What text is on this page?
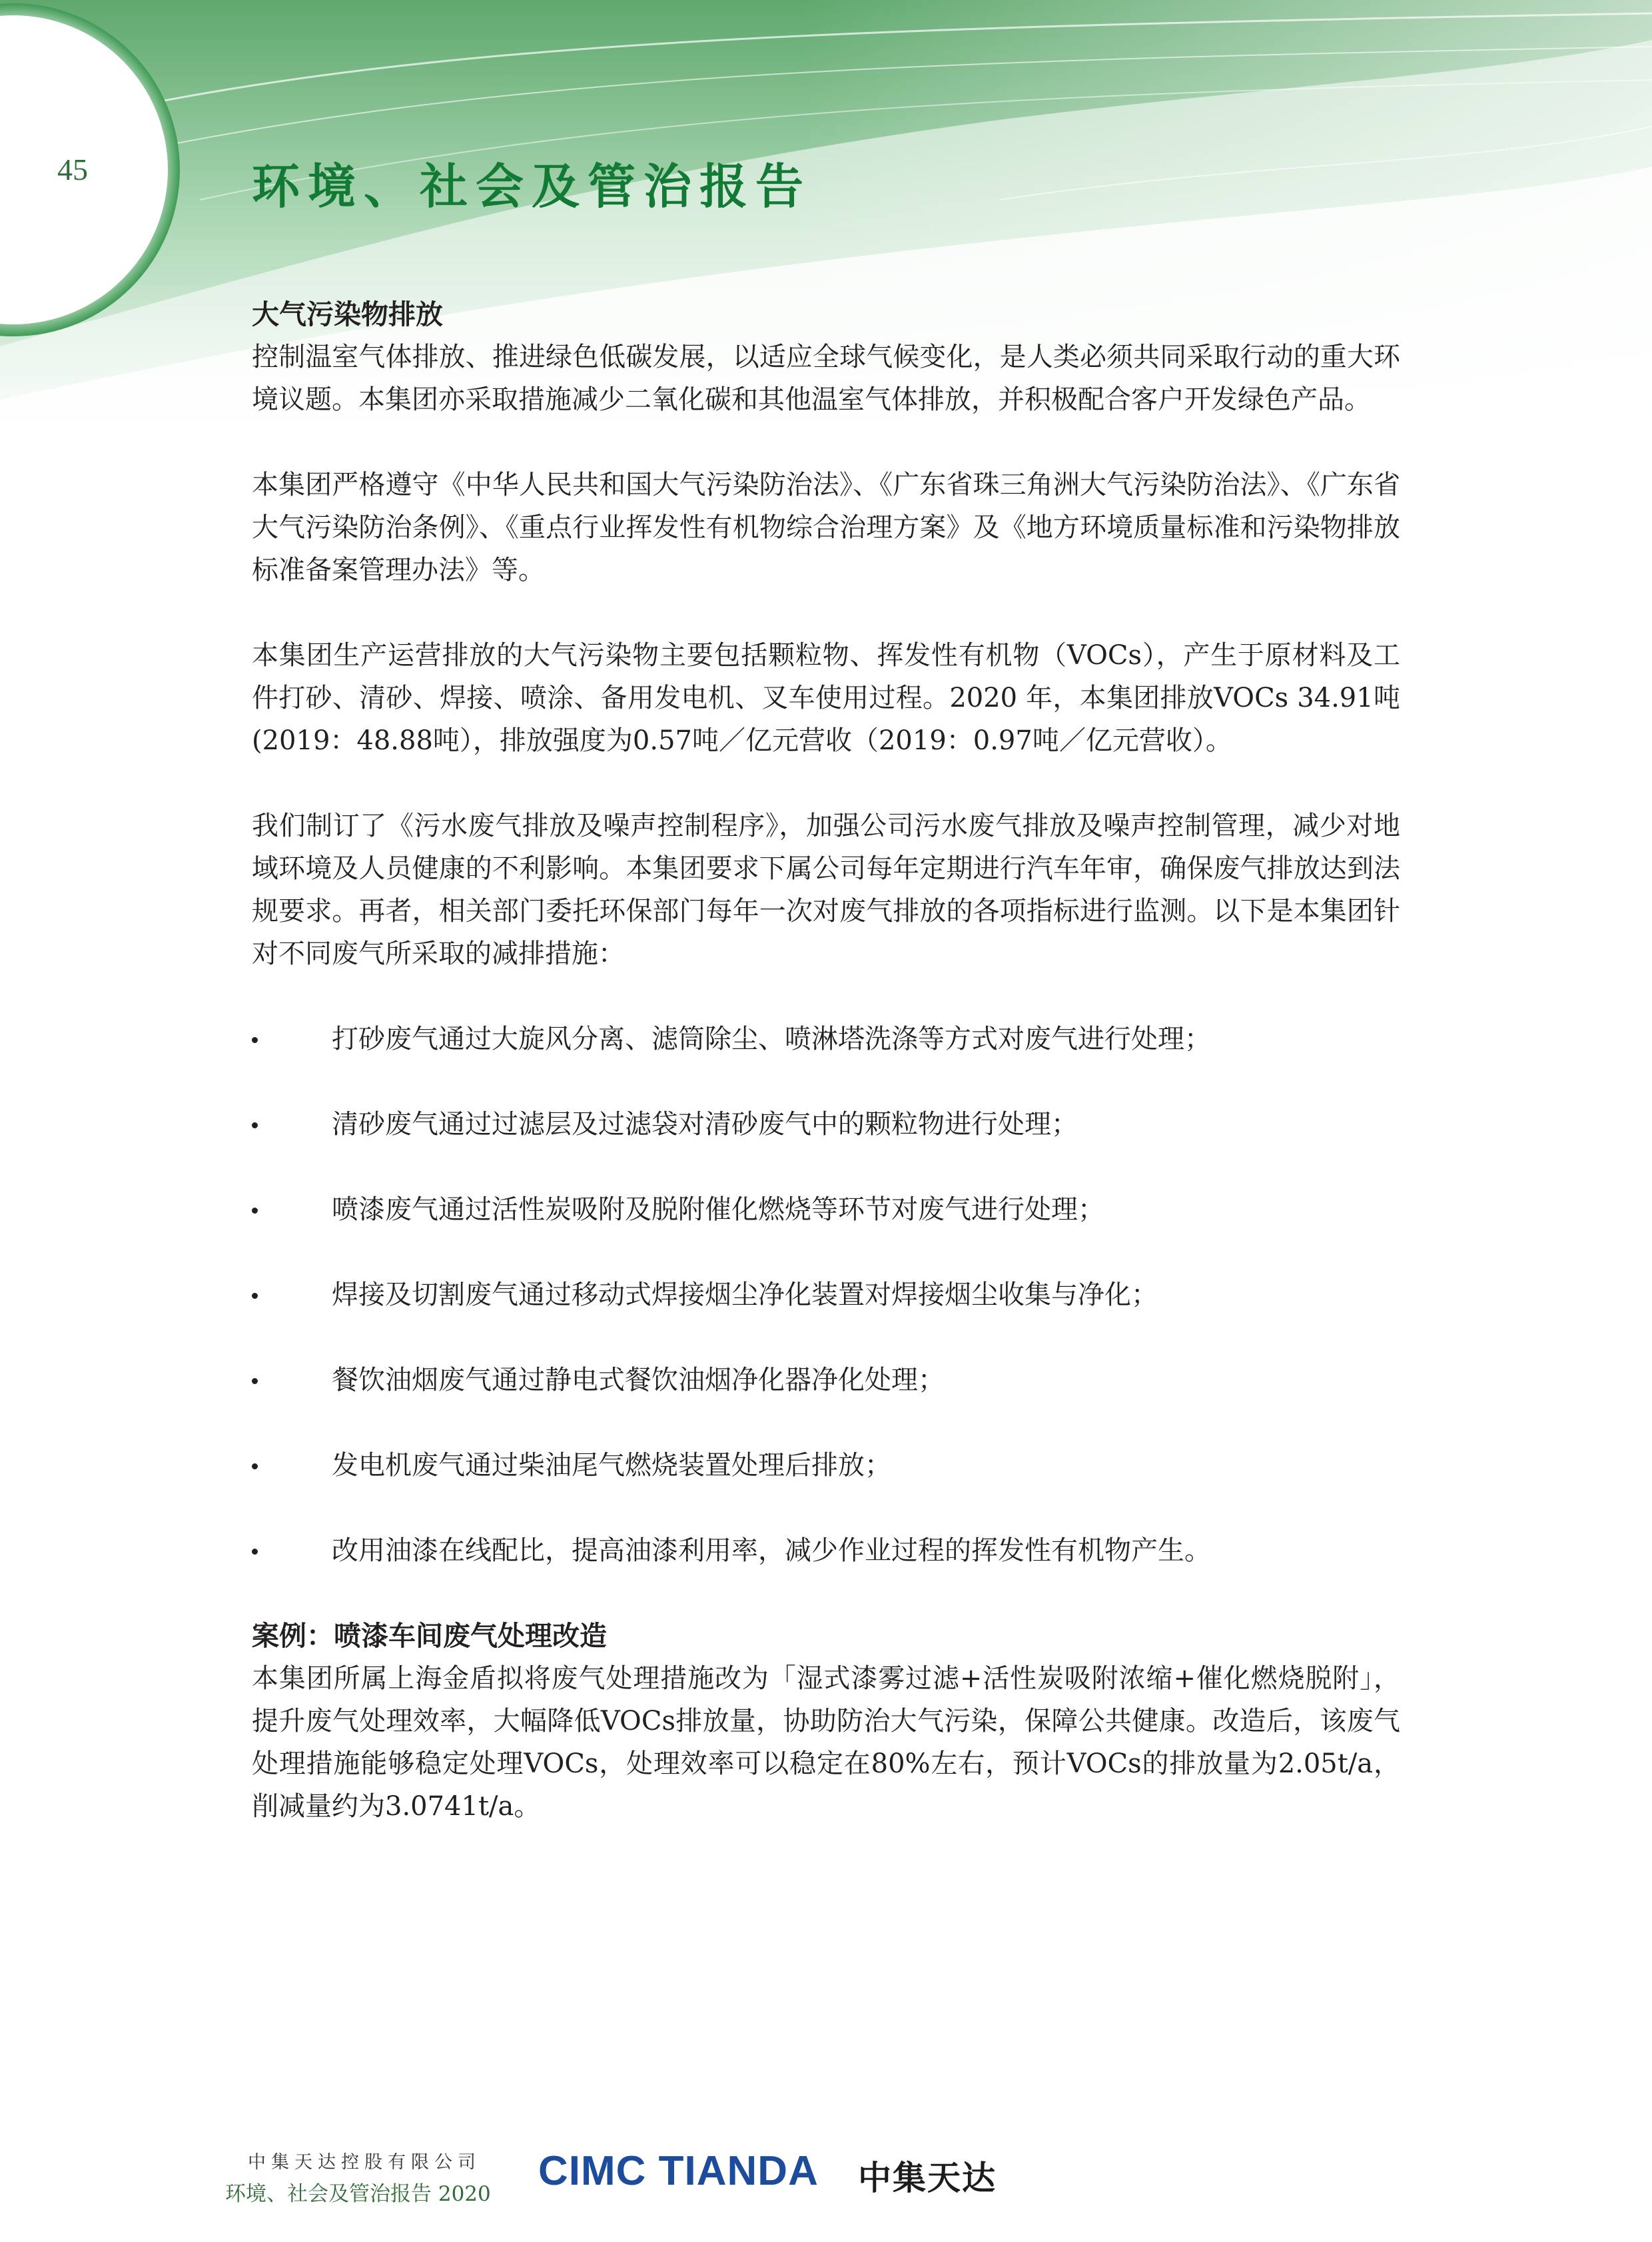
45	环境、社会及管治报告
大气污染物排放

控制温室气体排放、推进绿色低碳发展，以适应全球气候变化，是人类必须共同采取行动的重大环境议题。本集团亦采取措施减少二氧化碳和其他温室气体排放，并积极配合客户开发绿色产品。

本集团严格遵守《中华人民共和国大气污染防治法》、《广东省珠三角洲大气污染防治法》、《广东省大气污染防治条例》、《重点行业挥发性有机物综合治理方案》及《地方环境质量标准和污染物排放标准备案管理办法》等。

本集团生产运营排放的大气污染物主要包括颗粒物、挥发性有机物（VOCs），产生于原材料及工件打砂、清砂、焊接、喷涂、备用发电机、叉车使用过程。2020 年，本集团排放VOCs 34.91吨(2019：48.88吨），排放强度为0.57吨／亿元营收（2019：0.97吨／亿元营收）。

我们制订了《污水废气排放及噪声控制程序》，加强公司污水废气排放及噪声控制管理，减少对地域环境及人员健康的不利影响。本集团要求下属公司每年定期进行汽车年审，确保废气排放达到法规要求。再者，相关部门委托环保部门每年一次对废气排放的各项指标进行监测。以下是本集团针对不同废气所采取的减排措施：

打砂废气通过大旋风分离、滤筒除尘、喷淋塔洗涤等方式对废气进行处理；
清砂废气通过过滤层及过滤袋对清砂废气中的颗粒物进行处理；
喷漆废气通过活性炭吸附及脱附催化燃烧等环节对废气进行处理；
焊接及切割废气通过移动式焊接烟尘净化装置对焊接烟尘收集与净化；
餐饮油烟废气通过静电式餐饮油烟净化器净化处理；
发电机废气通过柴油尾气燃烧装置处理后排放；
改用油漆在线配比，提高油漆利用率，减少作业过程的挥发性有机物产生。
案例：喷漆车间废气处理改造

本集团所属上海金盾拟将废气处理措施改为「湿式漆雾过滤+活性炭吸附浓缩+催化燃烧脱附」，提升废气处理效率，大幅降低VOCs排放量，协助防治大气污染，保障公共健康。改造后，该废气处理措施能够稳定处理VOCs，处理效率可以稳定在80%左右，预计VOCs的排放量为2.05t/a，削减量约为3.0741t/a。

中集天达控股有限公司
环境、社会及管治报告 2020 CIMC TIANDA 中集天达
